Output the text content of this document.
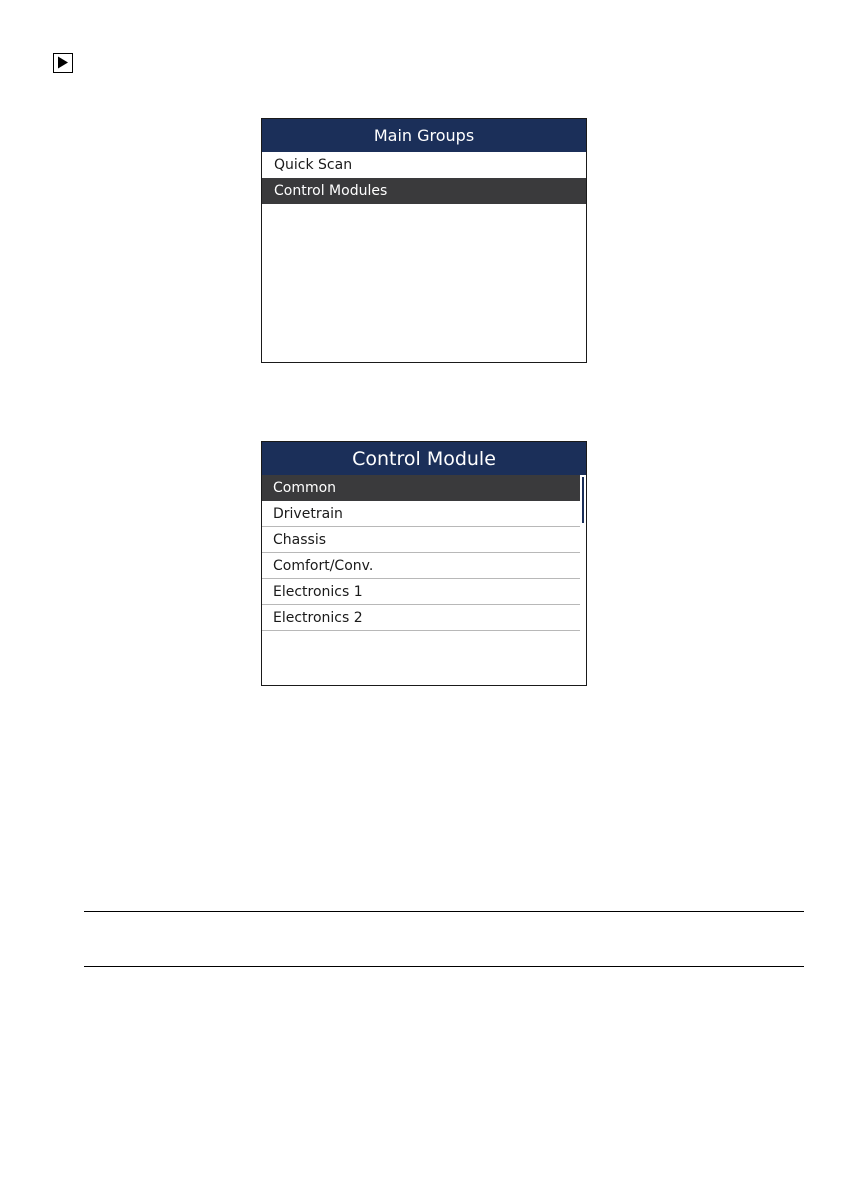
Main Groups
Quick Scan
Control Modules
Control Module
Common
Drivetrain
Chassis
Comfort/Conv.
Electronics 1
Electronics 2
